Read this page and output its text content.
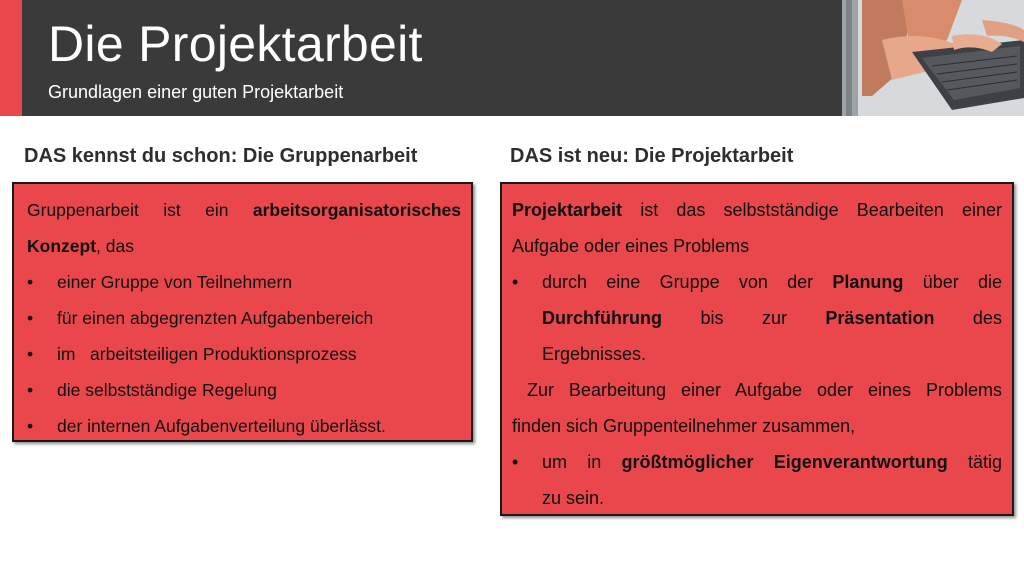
Die Projektarbeit
Grundlagen einer guten Projektarbeit
DAS kennst du schon: Die Gruppenarbeit	DAS ist neu: Die Projektarbeit

Gruppenarbeit ist ein arbeitsorganisatorisches

Konzept, das

• einer Gruppe von Teilnehmern

• für einen abgegrenzten Aufgabenbereich

• im   arbeitsteiligen Produktionsprozess

• die selbstständige Regelung

• der internen Aufgabenverteilung überlässt.

Projektarbeit ist das selbstständige Bearbeiten einer

Aufgabe oder eines Problems

• durch eine Gruppe von der Planung über die

Durchführung bis zur Präsentation des

Ergebnisses.

Zur Bearbeitung einer Aufgabe oder eines Problems

finden sich Gruppenteilnehmer zusammen,

• um in größtmöglicher Eigenverantwortung tätig

zu sein.
